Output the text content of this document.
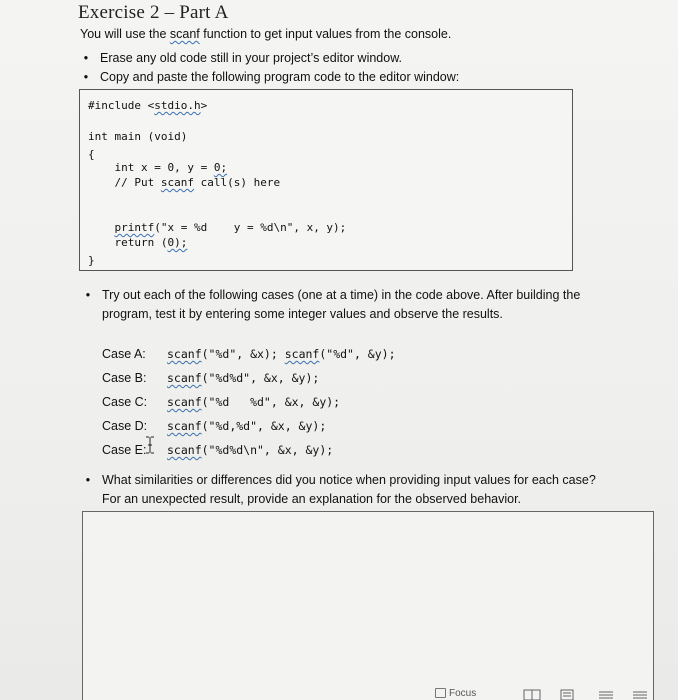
Exercise 2 – Part A
You will use the scanf function to get input values from the console.
• Erase any old code still in your project’s editor window.
• Copy and paste the following program code to the editor window:
#include <stdio.h>
int main (void)
{
int x = 0, y = 0;
// Put scanf call(s) here
printf("x = %d    y = %d\n", x, y);
return (0);
}
• Try out each of the following cases (one at a time) in the code above. After building the
program, test it by entering some integer values and observe the results.
Case A: scanf("%d", &x); scanf("%d", &y);
Case B: scanf("%d%d", &x, &y);
Case C: scanf("%d   %d", &x, &y);
Case D: scanf("%d,%d", &x, &y);
Case E: scanf("%d%d\n", &x, &y);
• What similarities or differences did you notice when providing input values for each case?
For an unexpected result, provide an explanation for the observed behavior.
Focus
